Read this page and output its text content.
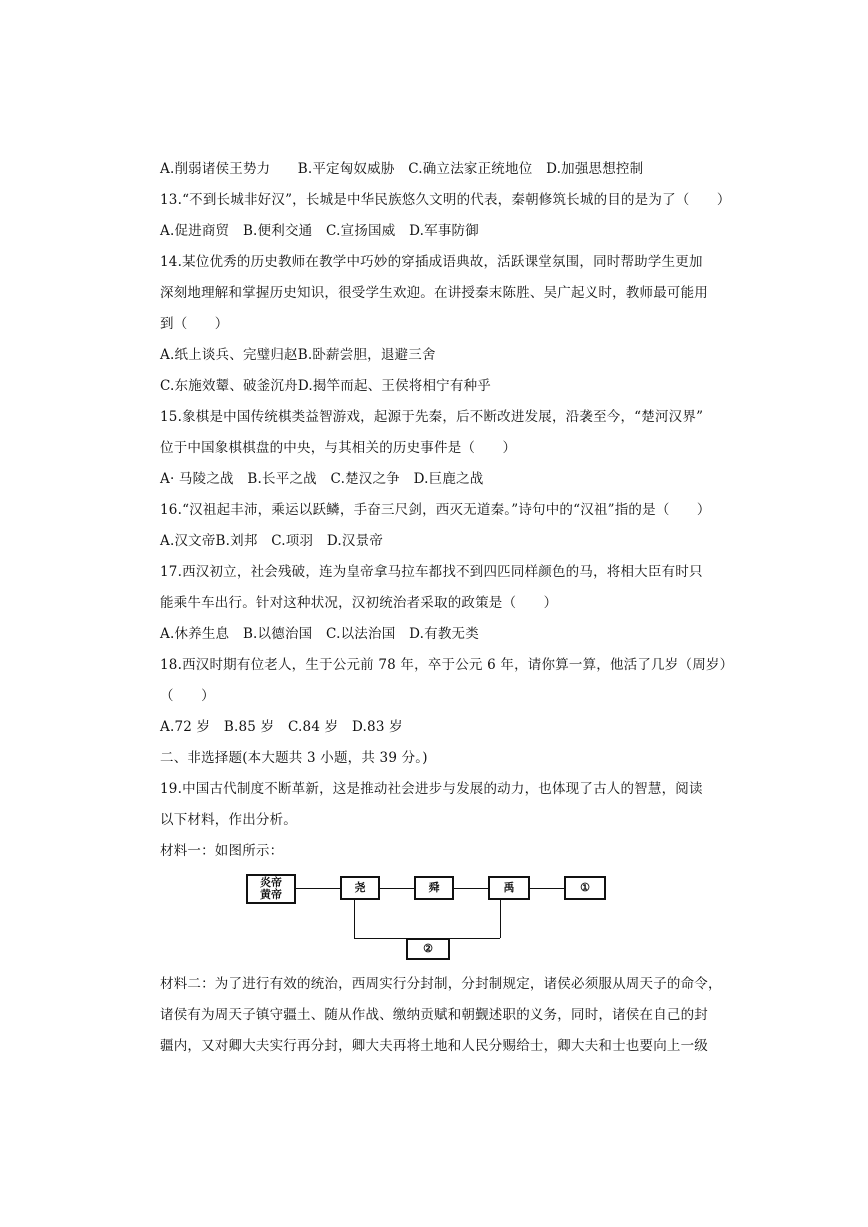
A.削弱诸侯王势力　　B.平定匈奴威胁　C.确立法家正统地位　D.加强思想控制
13.“不到长城非好汉”，长城是中华民族悠久文明的代表，秦朝修筑长城的目的是为了（　　）
A.促进商贸　B.便利交通　C.宣扬国威　D.军事防御
14.某位优秀的历史教师在教学中巧妙的穿插成语典故，活跃课堂氛围，同时帮助学生更加
深刻地理解和掌握历史知识，很受学生欢迎。在讲授秦末陈胜、吴广起义时，教师最可能用
到（　　）
A.纸上谈兵、完璧归赵B.卧薪尝胆，退避三舍
C.东施效颦、破釜沉舟D.揭竿而起、王侯将相宁有种乎
15.象棋是中国传统棋类益智游戏，起源于先秦，后不断改进发展，沿袭至今，“楚河汉界”
位于中国象棋棋盘的中央，与其相关的历史事件是（　　）
A· 马陵之战　B.长平之战　C.楚汉之争　D.巨鹿之战
16.“汉祖起丰沛，乘运以跃鳞，手奋三尺剑，西灭无道秦。”诗句中的“汉祖”指的是（　　）
A.汉文帝B.刘邦　C.项羽　D.汉景帝
17.西汉初立，社会残破，连为皇帝拿马拉车都找不到四匹同样颜色的马，将相大臣有时只
能乘牛车出行。针对这种状况，汉初统治者采取的政策是（　　）
A.休养生息　B.以德治国　C.以法治国　D.有教无类
18.西汉时期有位老人，生于公元前 78 年，卒于公元 6 年，请你算一算，他活了几岁（周岁）
（　　）
A.72 岁　B.85 岁　C.84 岁　D.83 岁
二、非选择题(本大题共 3 小题，共 39 分。)
19.中国古代制度不断革新，这是推动社会进步与发展的动力，也体现了古人的智慧，阅读
以下材料，作出分析。
材料一：如图所示：
炎帝
黄帝
尧	舜	禹	①
②
材料二：为了进行有效的统治，西周实行分封制，分封制规定，诸侯必须服从周天子的命令，
诸侯有为周天子镇守疆土、随从作战、缴纳贡赋和朝觐述职的义务，同时，诸侯在自己的封
疆内，又对卿大夫实行再分封，卿大夫再将土地和人民分赐给士，卿大夫和士也要向上一级
